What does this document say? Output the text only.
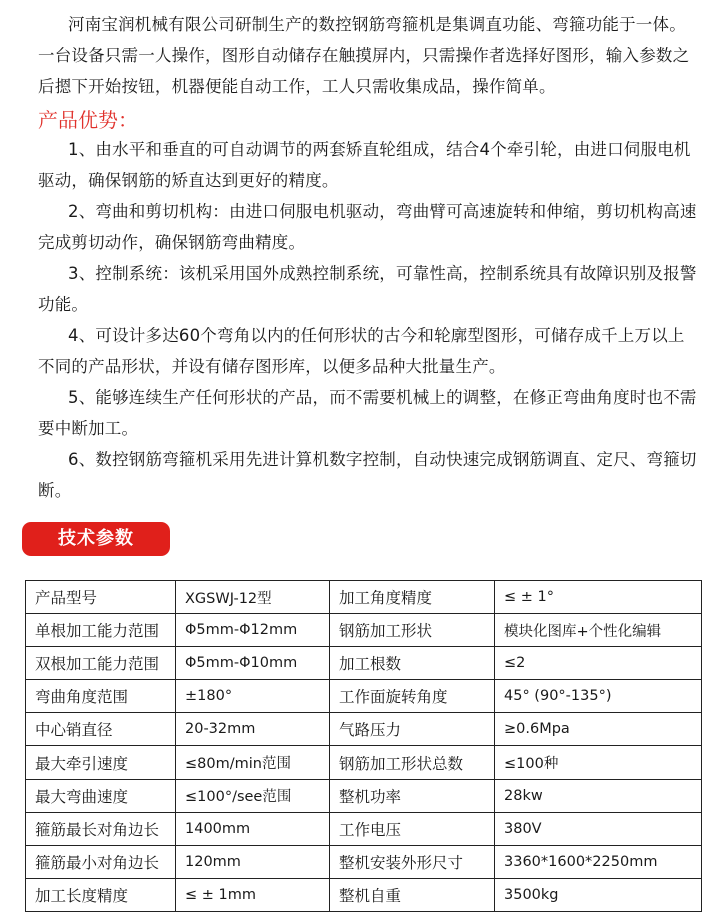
河南宝润机械有限公司研制生产的数控钢筋弯箍机是集调直功能、弯箍功能于一体。一台设备只需一人操作，图形自动储存在触摸屏内，只需操作者选择好图形，输入参数之后摁下开始按钮，机器便能自动工作，工人只需收集成品，操作简单。

产品优势：

1、由水平和垂直的可自动调节的两套矫直轮组成，结合4个牵引轮，由进口伺服电机驱动，确保钢筋的矫直达到更好的精度。

2、弯曲和剪切机构：由进口伺服电机驱动，弯曲臂可高速旋转和伸缩，剪切机构高速完成剪切动作，确保钢筋弯曲精度。

3、控制系统：该机采用国外成熟控制系统，可靠性高，控制系统具有故障识别及报警功能。

4、可设计多达60个弯角以内的任何形状的古今和轮廓型图形，可储存成千上万以上不同的产品形状，并设有储存图形库，以便多品种大批量生产。

5、能够连续生产任何形状的产品，而不需要机械上的调整，在修正弯曲角度时也不需要中断加工。

6、数控钢筋弯箍机采用先进计算机数字控制，自动快速完成钢筋调直、定尺、弯箍切断。

技术参数
产品型号	XGSWJ-12型	加工角度精度	≤ ± 1°
单根加工能力范围	Φ5mm-Φ12mm	钢筋加工形状	模块化图库+个性化编辑
双根加工能力范围	Φ5mm-Φ10mm	加工根数	≤2
弯曲角度范围	±180°	工作面旋转角度	45° (90°-135°)
中心销直径	20-32mm	气路压力	≥0.6Mpa
最大牵引速度	≤80m/min范围	钢筋加工形状总数	≤100种
最大弯曲速度	≤100°/see范围	整机功率	28kw
箍筋最长对角边长	1400mm	工作电压	380V
箍筋最小对角边长	120mm	整机安装外形尺寸	3360*1600*2250mm
加工长度精度	≤ ± 1mm	整机自重	3500kg
